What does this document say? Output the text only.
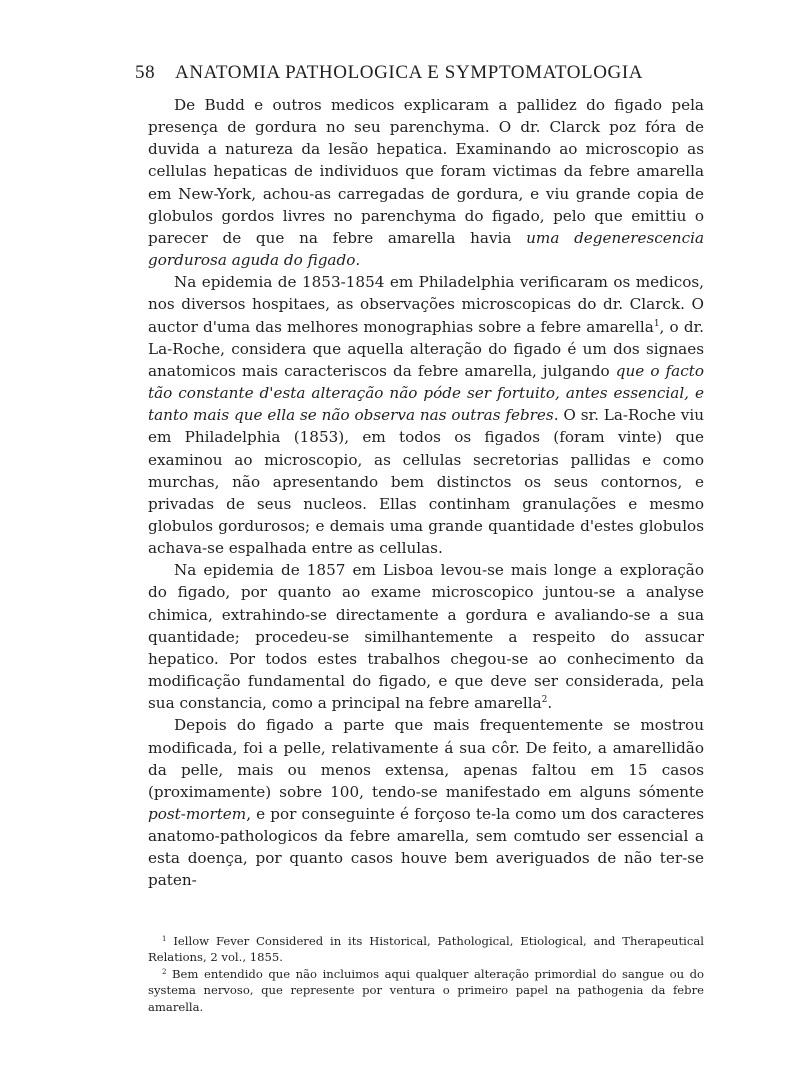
58	ANATOMIA PATHOLOGICA E SYMPTOMATOLOGIA

De Budd e outros medicos explicaram a pallidez do figado pela presença de gordura no seu parenchyma. O dr. Clarck poz fóra de duvida a natureza da lesão hepatica. Examinando ao microscopio as cellulas hepaticas de individuos que foram victimas da febre amarella em New-York, achou-as carregadas de gordura, e viu grande copia de globulos gordos livres no parenchyma do figado, pelo que emittiu o parecer de que na febre amarella havia uma degenerescencia gordurosa aguda do figado.

Na epidemia de 1853-1854 em Philadelphia verificaram os medicos, nos diversos hospitaes, as observações microscopicas do dr. Clarck. O auctor d'uma das melhores monographias sobre a febre amarella$^1$, o dr. La-Roche, considera que aquella alteração do figado é um dos signaes anatomicos mais caracteriscos da febre amarella, julgando que o facto tão constante d'esta alteração não póde ser fortuito, antes essencial, e tanto mais que ella se não observa nas outras febres. O sr. La-Roche viu em Philadelphia (1853), em todos os figados (foram vinte) que examinou ao microscopio, as cellulas secretorias pallidas e como murchas, não apresentando bem distinctos os seus contornos, e privadas de seus nucleos. Ellas continham granulações e mesmo globulos gordurosos; e demais uma grande quantidade d'estes globulos achava-se espalhada entre as cellulas.

Na epidemia de 1857 em Lisboa levou-se mais longe a exploração do figado, por quanto ao exame microscopico juntou-se a analyse chimica, extrahindo-se directamente a gordura e avaliando-se a sua quantidade; procedeu-se similhantemente a respeito do assucar hepatico. Por todos estes trabalhos chegou-se ao conhecimento da modificação fundamental do figado, e que deve ser considerada, pela sua constancia, como a principal na febre amarella$^2$.

Depois do figado a parte que mais frequentemente se mostrou modificada, foi a pelle, relativamente á sua côr. De feito, a amarellidão da pelle, mais ou menos extensa, apenas faltou em 15 casos (proximamente) sobre 100, tendo-se manifestado em alguns sómente post-mortem, e por conseguinte é forçoso te-la como um dos caracteres anatomo-pathologicos da febre amarella, sem comtudo ser essencial a esta doença, por quanto casos houve bem averiguados de não ter-se paten-

$^1$ Iellow Fever Considered in its Historical, Pathological, Etiological, and Therapeutical Relations, 2 vol., 1855.

$^2$ Bem entendido que não incluimos aqui qualquer alteração primordial do sangue ou do systema nervoso, que represente por ventura o primeiro papel na pathogenia da febre amarella.
